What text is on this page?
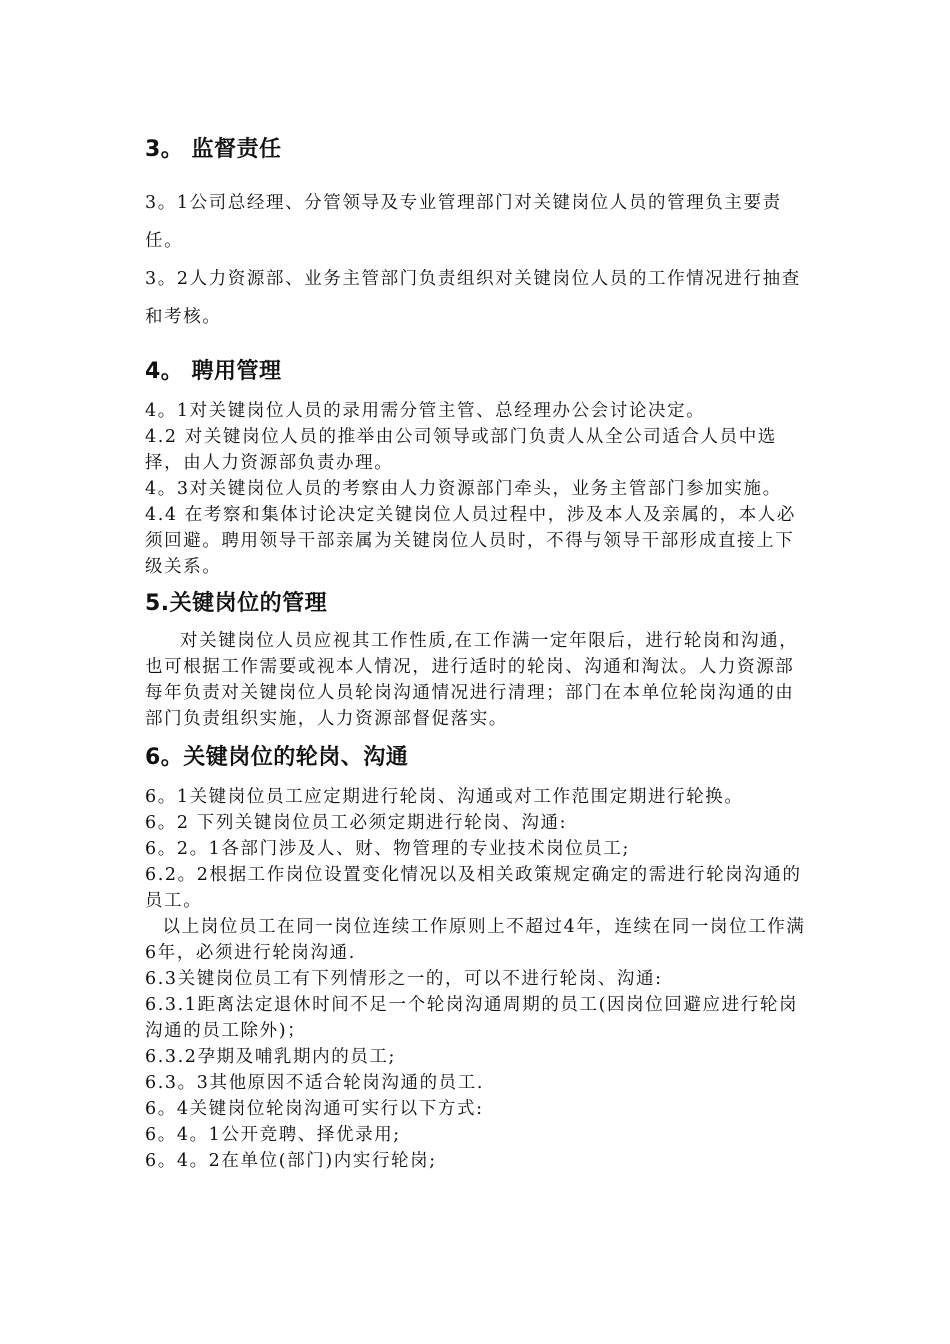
3。 监督责任

3。1公司总经理、分管领导及专业管理部门对关键岗位人员的管理负主要责任。

3。2人力资源部、业务主管部门负责组织对关键岗位人员的工作情况进行抽查和考核。

4。 聘用管理

4。1对关键岗位人员的录用需分管主管、总经理办公会讨论决定。

4.2 对关键岗位人员的推举由公司领导或部门负责人从全公司适合人员中选择，由人力资源部负责办理。

4。3对关键岗位人员的考察由人力资源部门牵头，业务主管部门参加实施。

4.4 在考察和集体讨论决定关键岗位人员过程中，涉及本人及亲属的，本人必须回避。聘用领导干部亲属为关键岗位人员时，不得与领导干部形成直接上下级关系。

5.关键岗位的管理

对关键岗位人员应视其工作性质,在工作满一定年限后，进行轮岗和沟通，也可根据工作需要或视本人情况，进行适时的轮岗、沟通和淘汰。人力资源部每年负责对关键岗位人员轮岗沟通情况进行清理；部门在本单位轮岗沟通的由部门负责组织实施，人力资源部督促落实。

6。关键岗位的轮岗、沟通

6。1关键岗位员工应定期进行轮岗、沟通或对工作范围定期进行轮换。

6。2 下列关键岗位员工必须定期进行轮岗、沟通:

6。2。1各部门涉及人、财、物管理的专业技术岗位员工;

6.2。2根据工作岗位设置变化情况以及相关政策规定确定的需进行轮岗沟通的员工。

以上岗位员工在同一岗位连续工作原则上不超过4年，连续在同一岗位工作满6年，必须进行轮岗沟通.

6.3关键岗位员工有下列情形之一的，可以不进行轮岗、沟通:

6.3.1距离法定退休时间不足一个轮岗沟通周期的员工(因岗位回避应进行轮岗沟通的员工除外)；

6.3.2孕期及哺乳期内的员工;

6.3。3其他原因不适合轮岗沟通的员工.

6。4关键岗位轮岗沟通可实行以下方式:

6。4。1公开竞聘、择优录用;

6。4。2在单位(部门)内实行轮岗;
